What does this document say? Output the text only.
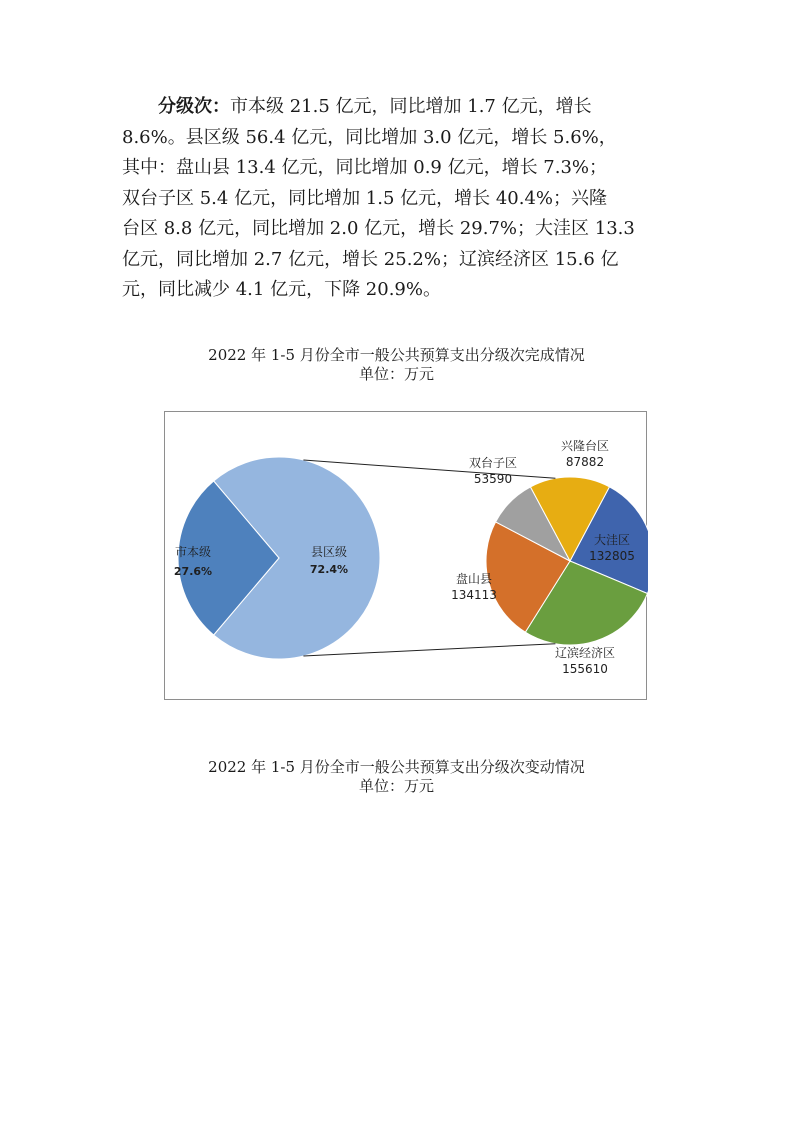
分级次：市本级 21.5 亿元，同比增加 1.7 亿元，增长
8.6%。县区级 56.4 亿元，同比增加 3.0 亿元，增长 5.6%，
其中：盘山县 13.4 亿元，同比增加 0.9 亿元，增长 7.3%；
双台子区 5.4 亿元，同比增加 1.5 亿元，增长 40.4%；兴隆
台区 8.8 亿元，同比增加 2.0 亿元，增长 29.7%；大洼区 13.3
亿元，同比增加 2.7 亿元，增长 25.2%；辽滨经济区 15.6 亿
元，同比减少 4.1 亿元，下降 20.9%。
2022 年 1-5 月份全市一般公共预算支出分级次完成情况
单位：万元
市本级
27.6%
县区级
72.4%
大洼区
132805
辽滨经济区
155610
盘山县
134113
双台子区
53590
兴隆台区
87882
2022 年 1-5 月份全市一般公共预算支出分级次变动情况
单位：万元
